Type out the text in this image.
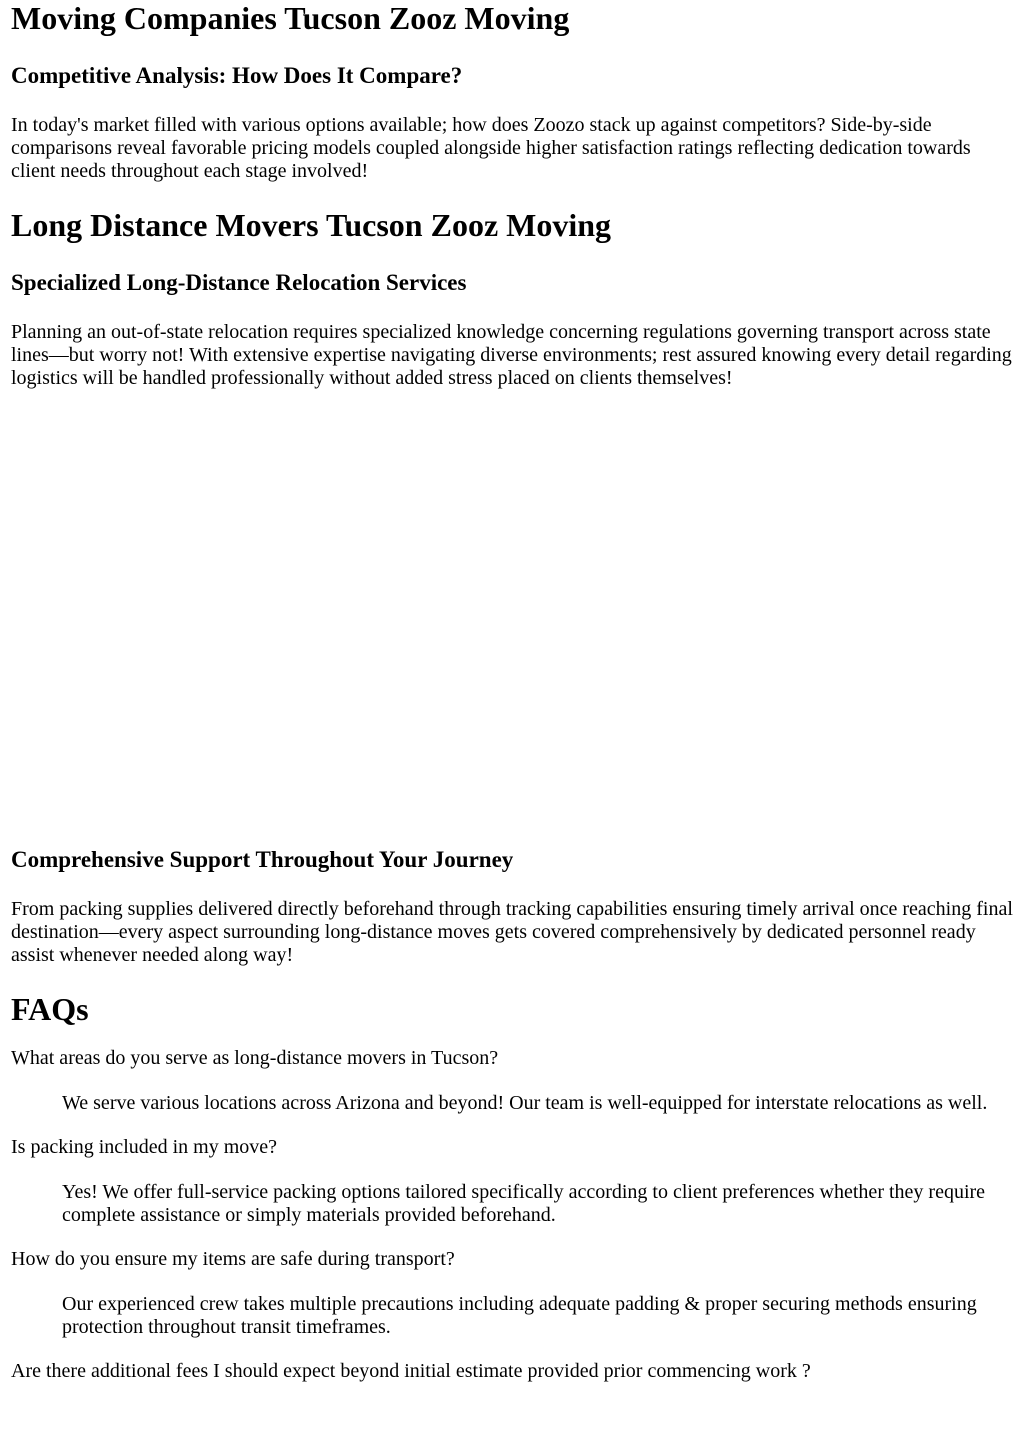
Moving Companies Tucson Zooz Moving
Competitive Analysis: How Does It Compare?

In today's market filled with various options available; how does Zoozo stack up against competitors? Side-by-side comparisons reveal favorable pricing models coupled alongside higher satisfaction ratings reflecting dedication towards client needs throughout each stage involved!

Long Distance Movers Tucson Zooz Moving
Specialized Long-Distance Relocation Services

Planning an out-of-state relocation requires specialized knowledge concerning regulations governing transport across state lines—but worry not! With extensive expertise navigating diverse environments; rest assured knowing every detail regarding logistics will be handled professionally without added stress placed on clients themselves!

Comprehensive Support Throughout Your Journey

From packing supplies delivered directly beforehand through tracking capabilities ensuring timely arrival once reaching final destination—every aspect surrounding long-distance moves gets covered comprehensively by dedicated personnel ready assist whenever needed along way!

FAQs
What areas do you serve as long-distance movers in Tucson?
We serve various locations across Arizona and beyond! Our team is well-equipped for interstate relocations as well.
Is packing included in my move?
Yes! We offer full-service packing options tailored specifically according to client preferences whether they require complete assistance or simply materials provided beforehand.
How do you ensure my items are safe during transport?
Our experienced crew takes multiple precautions including adequate padding & proper securing methods ensuring protection throughout transit timeframes.
Are there additional fees I should expect beyond initial estimate provided prior commencing work ?
